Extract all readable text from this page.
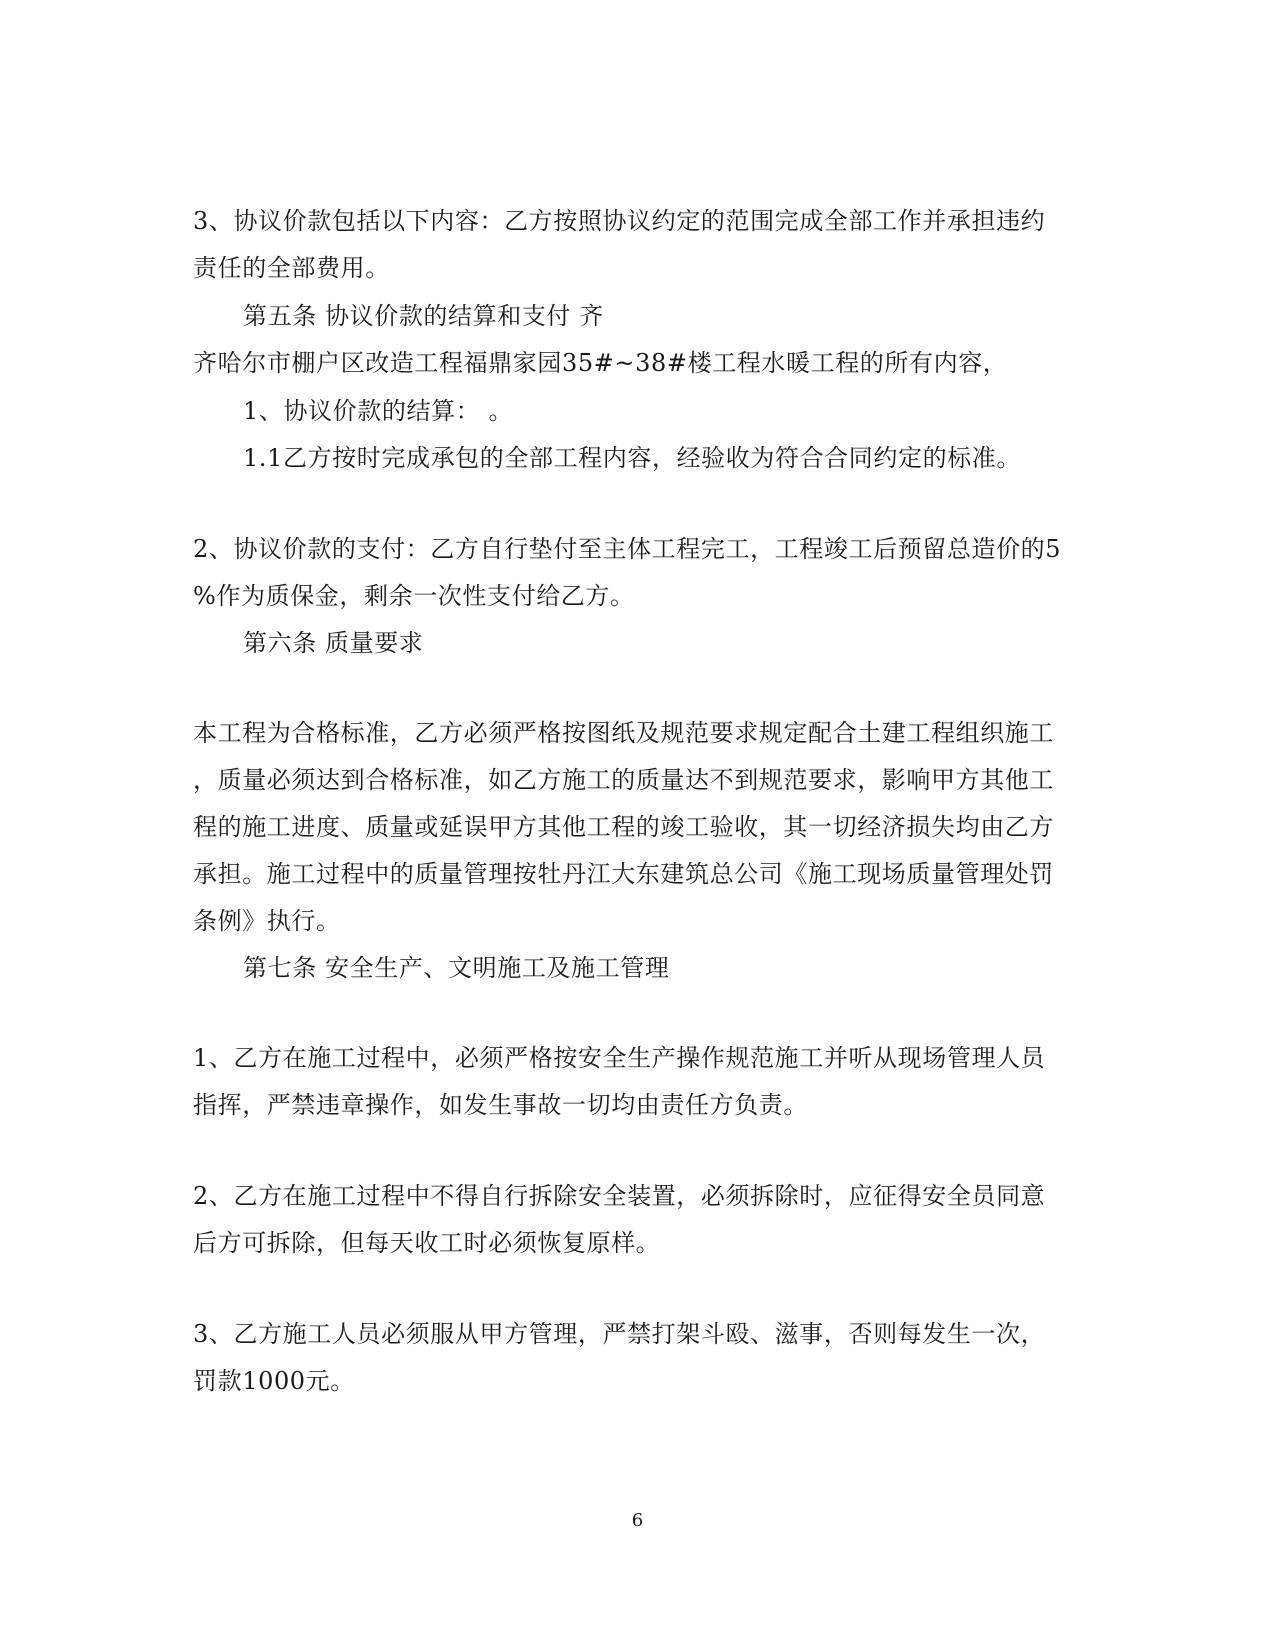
3、协议价款包括以下内容：乙方按照协议约定的范围完成全部工作并承担违约
责任的全部费用。
第五条 协议价款的结算和支付 齐
齐哈尔市棚户区改造工程福鼎家园35#~38#楼工程水暖工程的所有内容，
1、协议价款的结算： 。
1.1乙方按时完成承包的全部工程内容，经验收为符合合同约定的标准。
2、协议价款的支付：乙方自行垫付至主体工程完工，工程竣工后预留总造价的5
%作为质保金，剩余一次性支付给乙方。
第六条 质量要求
本工程为合格标准，乙方必须严格按图纸及规范要求规定配合土建工程组织施工
，质量必须达到合格标准，如乙方施工的质量达不到规范要求，影响甲方其他工
程的施工进度、质量或延误甲方其他工程的竣工验收，其一切经济损失均由乙方
承担。施工过程中的质量管理按牡丹江大东建筑总公司《施工现场质量管理处罚
条例》执行。
第七条 安全生产、文明施工及施工管理
1、乙方在施工过程中，必须严格按安全生产操作规范施工并听从现场管理人员
指挥，严禁违章操作，如发生事故一切均由责任方负责。
2、乙方在施工过程中不得自行拆除安全装置，必须拆除时，应征得安全员同意
后方可拆除，但每天收工时必须恢复原样。
3、乙方施工人员必须服从甲方管理，严禁打架斗殴、滋事，否则每发生一次，
罚款1000元。
6
